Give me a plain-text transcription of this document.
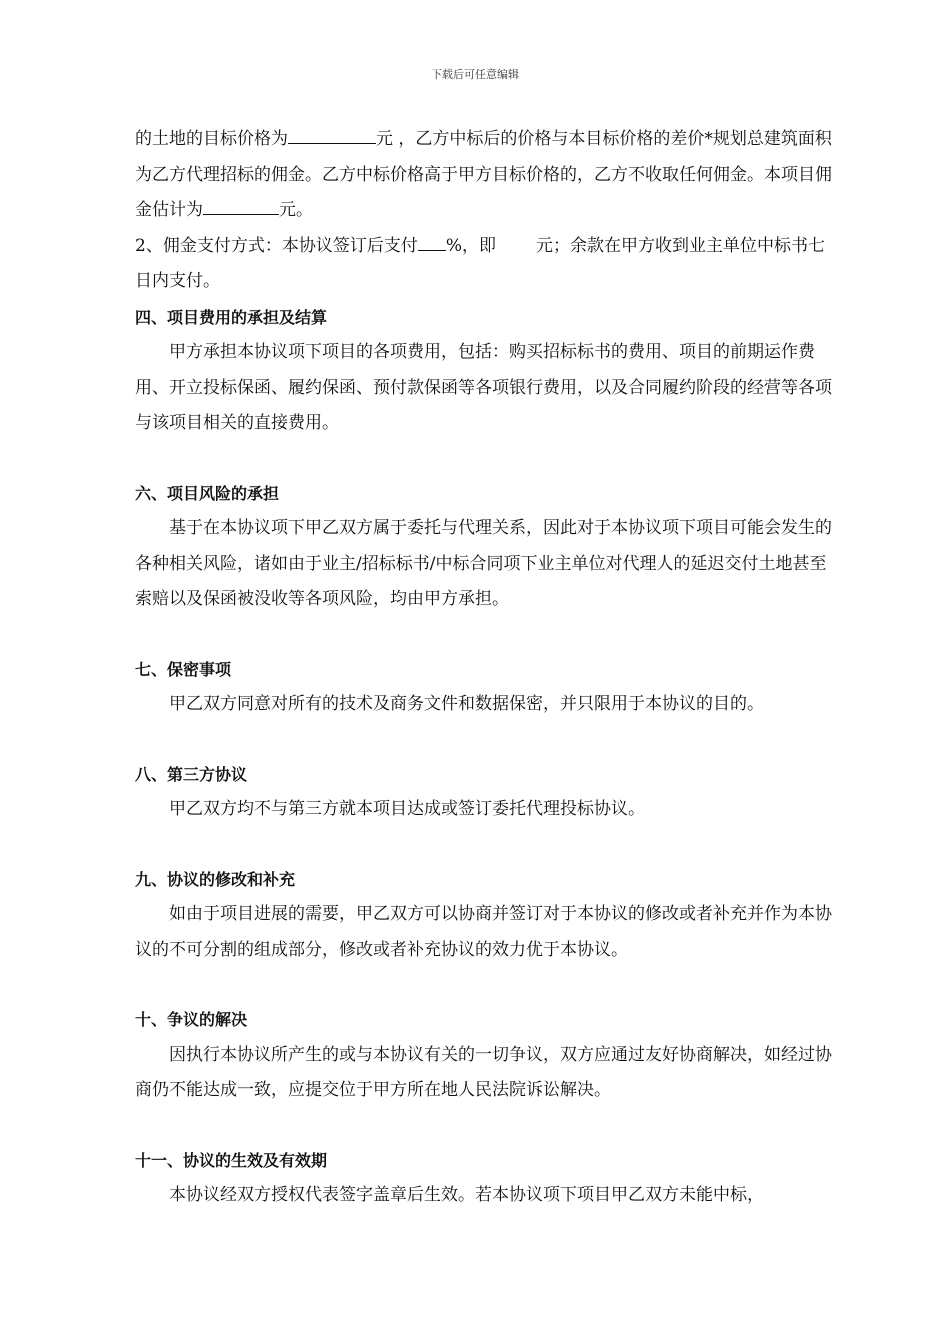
下载后可任意编辑

的土地的目标价格为	元 ，乙方中标后的价格与本目标价格的差价*规划总建筑面积为乙方代理招标的佣金。乙方中标价格高于甲方目标价格的，乙方不收取任何佣金。本项目佣金估计为	元。

2、佣金支付方式：本协议签订后支付 %，即 元；余款在甲方收到业主单位中标书七日内支付。

四、项目费用的承担及结算

甲方承担本协议项下项目的各项费用，包括：购买招标标书的费用、项目的前期运作费用、开立投标保函、履约保函、预付款保函等各项银行费用，以及合同履约阶段的经营等各项与该项目相关的直接费用。

六、项目风险的承担

基于在本协议项下甲乙双方属于委托与代理关系，因此对于本协议项下项目可能会发生的各种相关风险，诸如由于业主/招标标书/中标合同项下业主单位对代理人的延迟交付土地甚至索赔以及保函被没收等各项风险，均由甲方承担。

七、保密事项

甲乙双方同意对所有的技术及商务文件和数据保密，并只限用于本协议的目的。

八、第三方协议

甲乙双方均不与第三方就本项目达成或签订委托代理投标协议。

九、协议的修改和补充

如由于项目进展的需要，甲乙双方可以协商并签订对于本协议的修改或者补充并作为本协议的不可分割的组成部分，修改或者补充协议的效力优于本协议。

十、争议的解决

因执行本协议所产生的或与本协议有关的一切争议，双方应通过友好协商解决，如经过协商仍不能达成一致，应提交位于甲方所在地人民法院诉讼解决。

十一、协议的生效及有效期

本协议经双方授权代表签字盖章后生效。若本协议项下项目甲乙双方未能中标，
